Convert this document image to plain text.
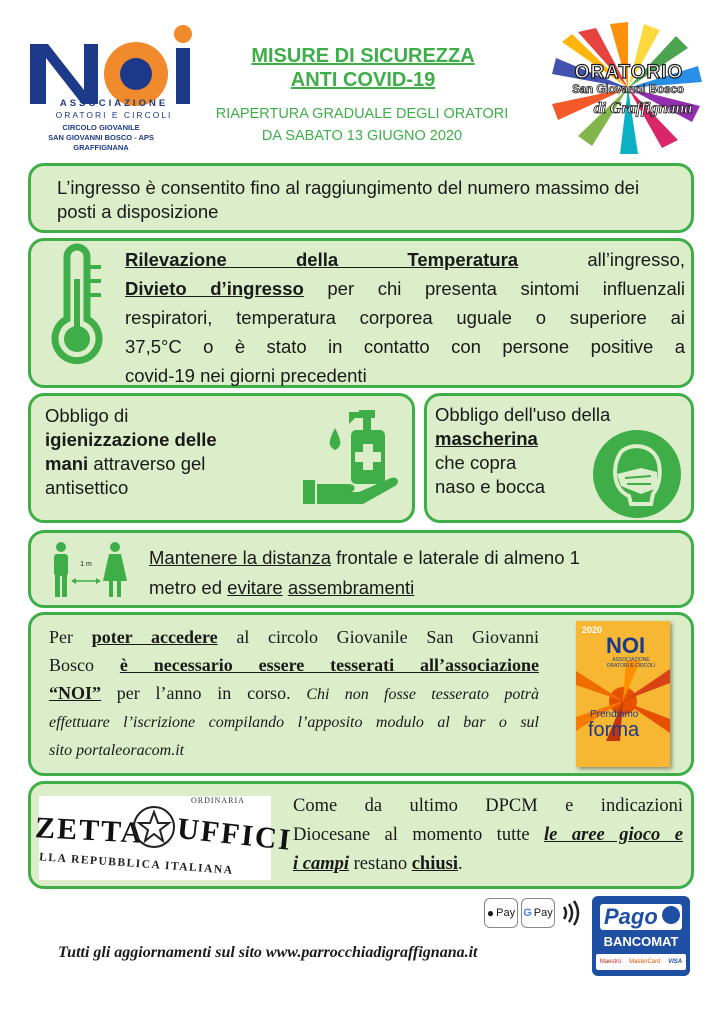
ASSOCIAZIONE
ORATORI E CIRCOLI
CIRCOLO GIOVANILE
SAN GIOVANNI BOSCO - APS
GRAFFIGNANA
MISURE DI SICUREZZA
ANTI COVID-19
RIAPERTURA GRADUALE DEGLI ORATORI
DA SABATO 13 GIUGNO 2020
ORATORIO
San Giovanni Bosco
di Graffignana
L’ingresso è consentito fino al raggiungimento del numero massimo dei posti a disposizione
Rilevazione della Temperatura all’ingresso,
Divieto d’ingresso per chi presenta sintomi influenzali
respiratori, temperatura corporea uguale o superiore ai
37,5°C o è stato in contatto con persone positive a
covid-19 nei giorni precedenti
Obbligo di
igienizzazione delle
mani attraverso gel
antisettico
Obbligo dell'uso della
mascherina
che copra
naso e bocca
1 m	Mantenere la distanza frontale e laterale di almeno 1
metro ed evitare assembramenti
Per poter accedere al circolo Giovanile San Giovanni
Bosco è necessario essere tesserati all’associazione
“NOI” per l’anno in corso. Chi non fosse tesserato potrà
effettuare l’iscrizione compilando l’apposito modulo al bar o sul
sito portaleoracom.it
2020
NOI
ASSOCIAZIONE
ORATORI E CIRCOLI
Prendiamo
forma
ORDINARIA
ZETTA UFFICI
LLA REPUBBLICA ITALIANA
Come da ultimo DPCM e indicazioni
Diocesane al momento tutte le aree gioco e
i campi restano chiusi.
● Pay G Pay Pago
BANCOMAT
Maestro MasterCard VISA
Tutti gli aggiornamenti sul sito www.parrocchiadigraffignana.it
